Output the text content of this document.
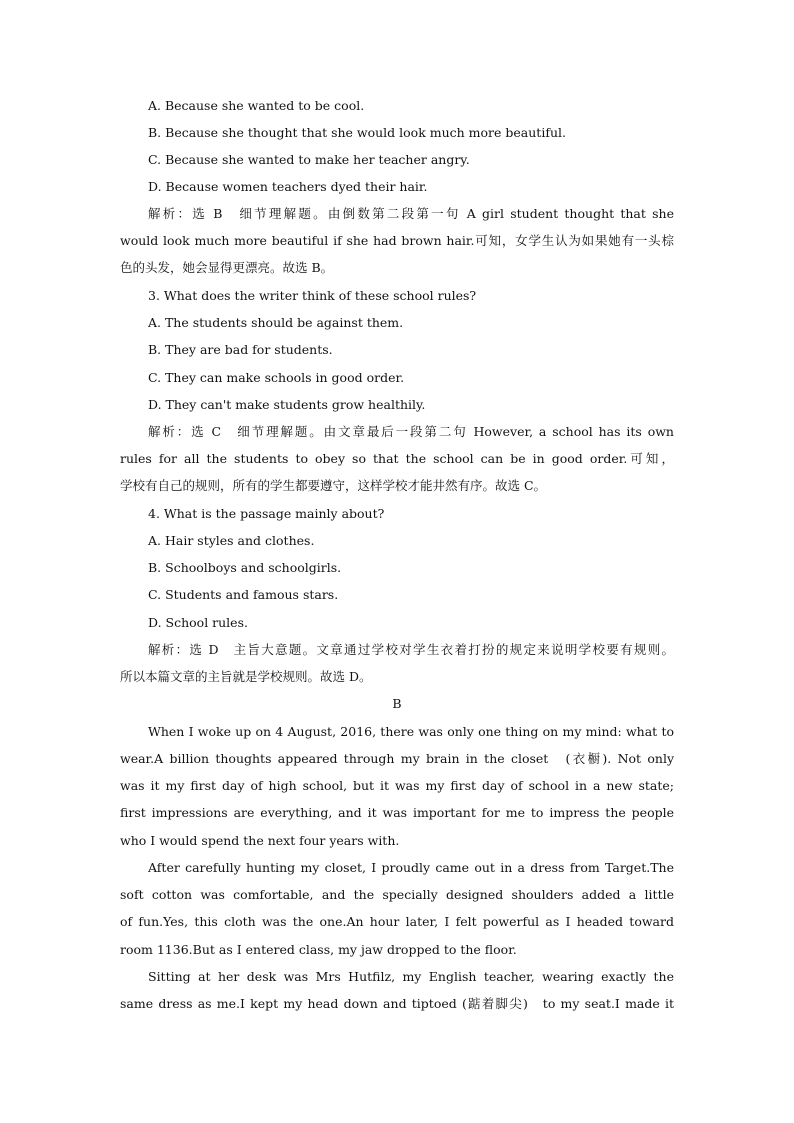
A. Because she wanted to be cool.
B. Because she thought that she would look much more beautiful.
C. Because she wanted to make her teacher angry.
D. Because women teachers dyed their hair.
解析：选 B　细节理解题。由倒数第二段第一句 A girl student thought that she
would look much more beautiful if she had brown hair.可知，女学生认为如果她有一头棕
色的头发，她会显得更漂亮。故选 B。
3. What does the writer think of these school rules?
A. The students should be against them.
B. They are bad for students.
C. They can make schools in good order.
D. They can't make students grow healthily.
解析：选 C　细节理解题。由文章最后一段第二句 However, a school has its own
rules for all the students to obey so that the school can be in good order.可知，
学校有自己的规则，所有的学生都要遵守，这样学校才能井然有序。故选 C。
4. What is the passage mainly about?
A. Hair styles and clothes.
B. Schoolboys and schoolgirls.
C. Students and famous stars.
D. School rules.
解析：选 D　主旨大意题。文章通过学校对学生衣着打扮的规定来说明学校要有规则。
所以本篇文章的主旨就是学校规则。故选 D。
B
When I woke up on 4 August, 2016, there was only one thing on my mind: what to
wear.A billion thoughts appeared through my brain in the closet　(衣橱). Not only
was it my first day of high school, but it was my first day of school in a new state;
first impressions are everything, and it was important for me to impress the people
who I would spend the next four years with.
After carefully hunting my closet, I proudly came out in a dress from Target.The
soft cotton was comfortable, and the specially designed shoulders added a little
of fun.Yes, this cloth was the one.An hour later, I felt powerful as I headed toward
room 1136.But as I entered class, my jaw dropped to the floor.
Sitting at her desk was Mrs Hutfilz, my English teacher, wearing exactly the
same dress as me.I kept my head down and tiptoed (踮着脚尖)　to my seat.I made it
